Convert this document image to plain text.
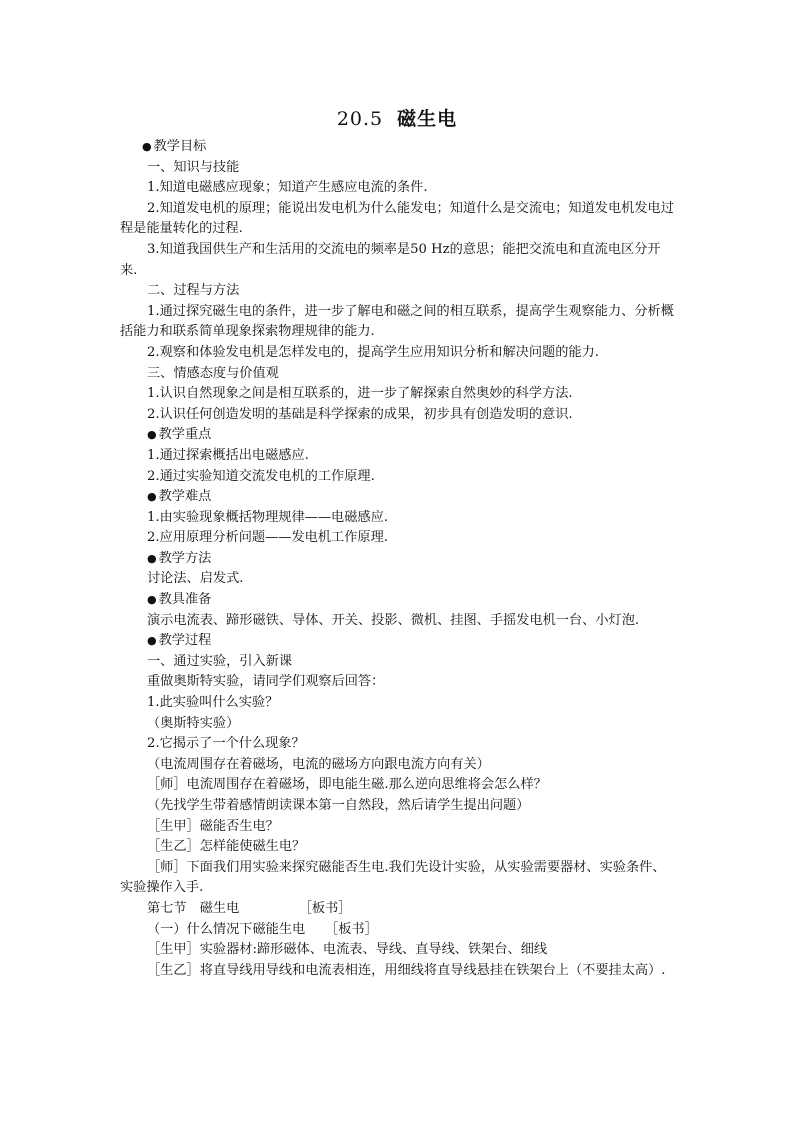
20.5 磁生电

● 教学目标

一、知识与技能

1.知道电磁感应现象；知道产生感应电流的条件.

2.知道发电机的原理；能说出发电机为什么能发电；知道什么是交流电；知道发电机发电过程是能量转化的过程.

3.知道我国供生产和生活用的交流电的频率是50 Hz的意思；能把交流电和直流电区分开来.

二、过程与方法

1.通过探究磁生电的条件，进一步了解电和磁之间的相互联系，提高学生观察能力、分析概括能力和联系简单现象探索物理规律的能力.

2.观察和体验发电机是怎样发电的，提高学生应用知识分析和解决问题的能力.

三、情感态度与价值观

1.认识自然现象之间是相互联系的，进一步了解探索自然奥妙的科学方法.

2.认识任何创造发明的基础是科学探索的成果，初步具有创造发明的意识.

● 教学重点

1.通过探索概括出电磁感应.

2.通过实验知道交流发电机的工作原理.

● 教学难点

1.由实验现象概括物理规律——电磁感应.

2.应用原理分析问题——发电机工作原理.

● 教学方法

讨论法、启发式.

● 教具准备

演示电流表、蹄形磁铁、导体、开关、投影、微机、挂图、手摇发电机一台、小灯泡.

● 教学过程

一、通过实验，引入新课

重做奥斯特实验，请同学们观察后回答：

1.此实验叫什么实验？

（奥斯特实验）

2.它揭示了一个什么现象？

（电流周围存在着磁场，电流的磁场方向跟电流方向有关）

［师］电流周围存在着磁场，即电能生磁.那么逆向思维将会怎么样？

（先找学生带着感情朗读课本第一自然段，然后请学生提出问题）

［生甲］磁能否生电？

［生乙］怎样能使磁生电？

［师］下面我们用实验来探究磁能否生电.我们先设计实验，从实验需要器材、实验条件、实验操作入手.

第七节　磁生电　　　　　［板书］

（一）什么情况下磁能生电　　［板书］

［生甲］实验器材:蹄形磁体、电流表、导线、直导线、铁架台、细线

［生乙］将直导线用导线和电流表相连，用细线将直导线悬挂在铁架台上（不要挂太高）.
